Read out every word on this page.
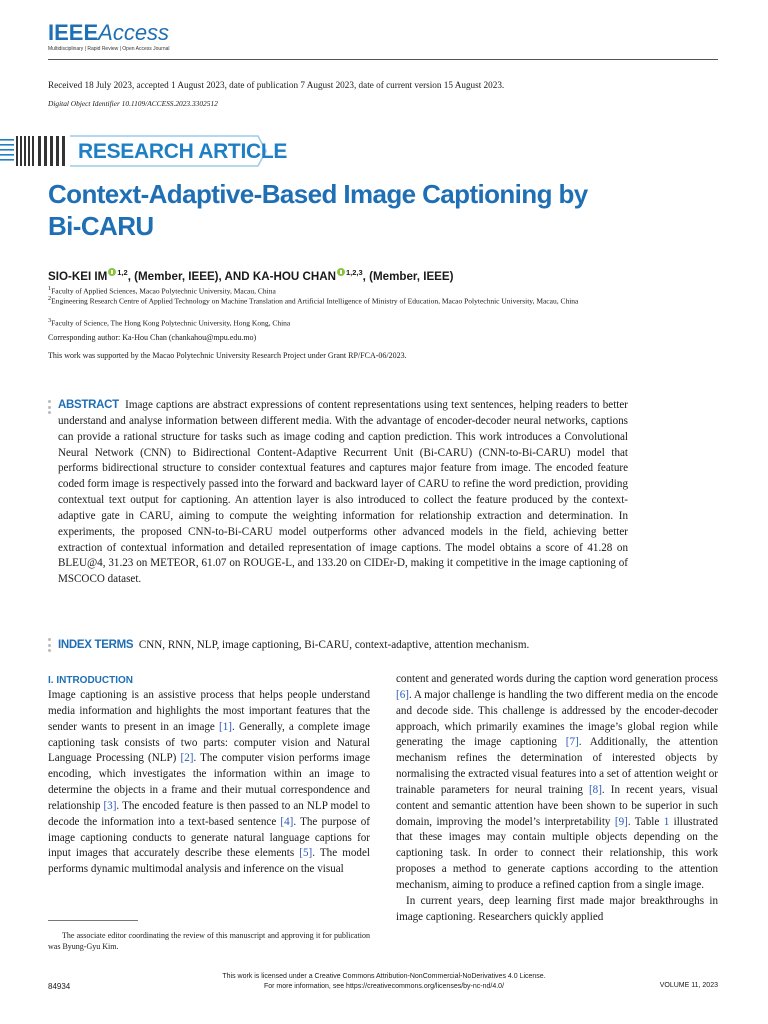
IEEEAccess
Multidisciplinary | Rapid Review | Open Access Journal
Received 18 July 2023, accepted 1 August 2023, date of publication 7 August 2023, date of current version 15 August 2023.
Digital Object Identifier 10.1109/ACCESS.2023.3302512
RESEARCH ARTICLE
Context-Adaptive-Based Image Captioning by Bi-CARU
SIO-KEI IM $^{1,2}$, (Member, IEEE), AND KA-HOU CHAN $^{1,2,3}$, (Member, IEEE)
$^1$Faculty of Applied Sciences, Macao Polytechnic University, Macau, China
$^2$Engineering Research Centre of Applied Technology on Machine Translation and Artificial Intelligence of Ministry of Education, Macao Polytechnic University, Macau, China
$^3$Faculty of Science, The Hong Kong Polytechnic University, Hong Kong, China
Corresponding author: Ka-Hou Chan (chankahou@mpu.edu.mo)
This work was supported by the Macao Polytechnic University Research Project under Grant RP/FCA-06/2023.
ABSTRACT Image captions are abstract expressions of content representations using text sentences, helping readers to better understand and analyse information between different media. With the advantage of encoder-decoder neural networks, captions can provide a rational structure for tasks such as image coding and caption prediction. This work introduces a Convolutional Neural Network (CNN) to Bidirectional Content-Adaptive Recurrent Unit (Bi-CARU) (CNN-to-Bi-CARU) model that performs bidirectional structure to consider contextual features and captures major feature from image. The encoded feature coded form image is respectively passed into the forward and backward layer of CARU to refine the word prediction, providing contextual text output for captioning. An attention layer is also introduced to collect the feature produced by the context-adaptive gate in CARU, aiming to compute the weighting information for relationship extraction and determination. In experiments, the proposed CNN-to-Bi-CARU model outperforms other advanced models in the field, achieving better extraction of contextual information and detailed representation of image captions. The model obtains a score of 41.28 on BLEU@4, 31.23 on METEOR, 61.07 on ROUGE-L, and 133.20 on CIDEr-D, making it competitive in the image captioning of MSCOCO dataset.
INDEX TERMS CNN, RNN, NLP, image captioning, Bi-CARU, context-adaptive, attention mechanism.
I. INTRODUCTION

Image captioning is an assistive process that helps people understand media information and highlights the most important features that the sender wants to present in an image [1]. Generally, a complete image captioning task consists of two parts: computer vision and Natural Language Processing (NLP) [2]. The computer vision performs image encoding, which investigates the information within an image to determine the objects in a frame and their mutual correspondence and relationship [3]. The encoded feature is then passed to an NLP model to decode the information into a text-based sentence [4]. The purpose of image captioning conducts to generate natural language captions for input images that accurately describe these elements [5]. The model performs dynamic multimodal analysis and inference on the visual

content and generated words during the caption word generation process [6]. A major challenge is handling the two different media on the encode and decode side. This challenge is addressed by the encoder-decoder approach, which primarily examines the image’s global region while generating the image captioning [7]. Additionally, the attention mechanism refines the determination of interested objects by normalising the extracted visual features into a set of attention weight or trainable parameters for neural training [8]. In recent years, visual content and semantic attention have been shown to be superior in such domain, improving the model’s interpretability [9]. Table 1 illustrated that these images may contain multiple objects depending on the captioning task. In order to connect their relationship, this work proposes a method to generate captions according to the attention mechanism, aiming to produce a refined caption from a single image.

In current years, deep learning first made major breakthroughs in image captioning. Researchers quickly applied

The associate editor coordinating the review of this manuscript and approving it for publication was Byung-Gyu Kim.
This work is licensed under a Creative Commons Attribution-NonCommercial-NoDerivatives 4.0 License.
For more information, see https://creativecommons.org/licenses/by-nc-nd/4.0/
84934	VOLUME 11, 2023
